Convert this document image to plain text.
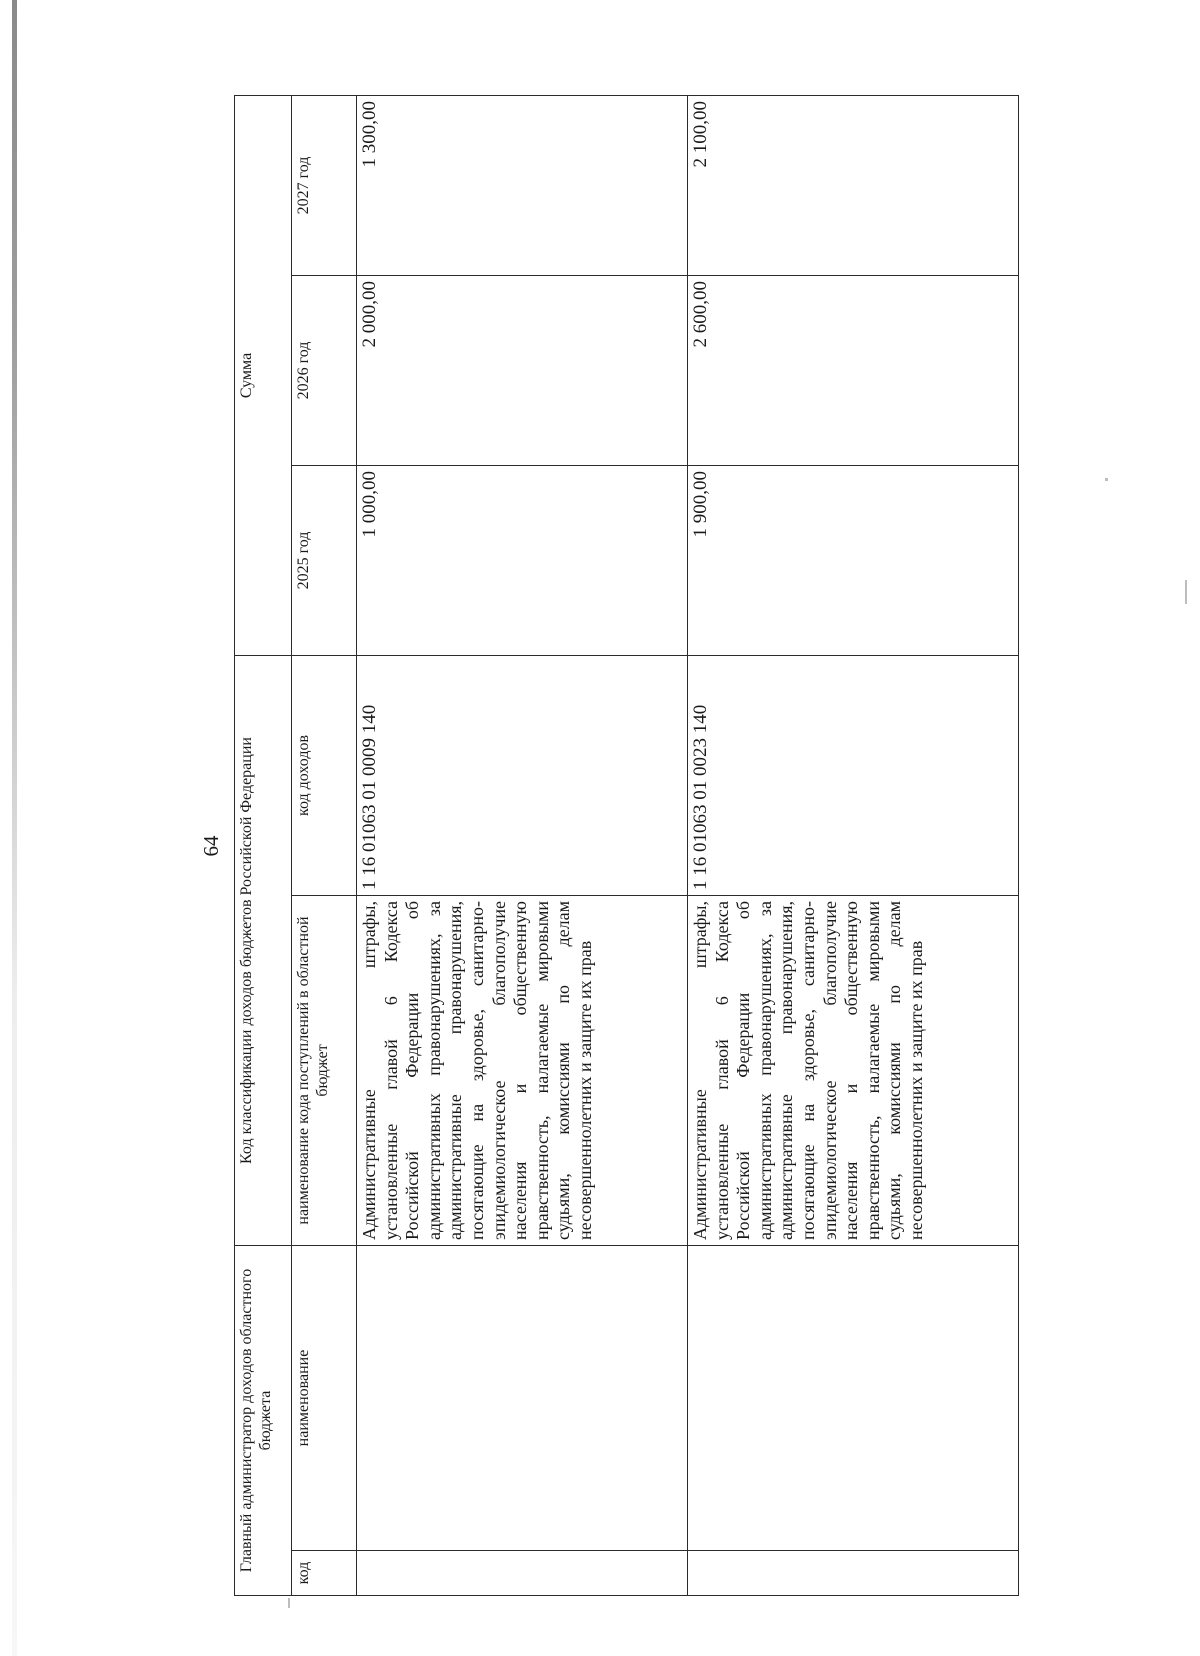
64
Главный администратор доходов областного бюджета		Код классификации доходов бюджетов Российской Федерации		Сумма		
код	наименование	наименование кода поступлений в областной бюджет	код доходов	2025 год	2026 год	2027 год
		Административные штрафы, установленные главой 6 Кодекса Российской Федерации об административных правонарушениях, за административные правонарушения, посягающие на здоровье, санитарно-эпидемиологическое благополучие населения и общественную нравственность, налагаемые мировыми судьями, комиссиями по делам несовершеннолетних и защите их прав	1 16 01063 01 0009 140	1 000,00	2 000,00	1 300,00
		Административные штрафы, установленные главой 6 Кодекса Российской Федерации об административных правонарушениях, за административные правонарушения, посягающие на здоровье, санитарно-эпидемиологическое благополучие населения и общественную нравственность, налагаемые мировыми судьями, комиссиями по делам несовершеннолетних и защите их прав	1 16 01063 01 0023 140	1 900,00	2 600,00	2 100,00
